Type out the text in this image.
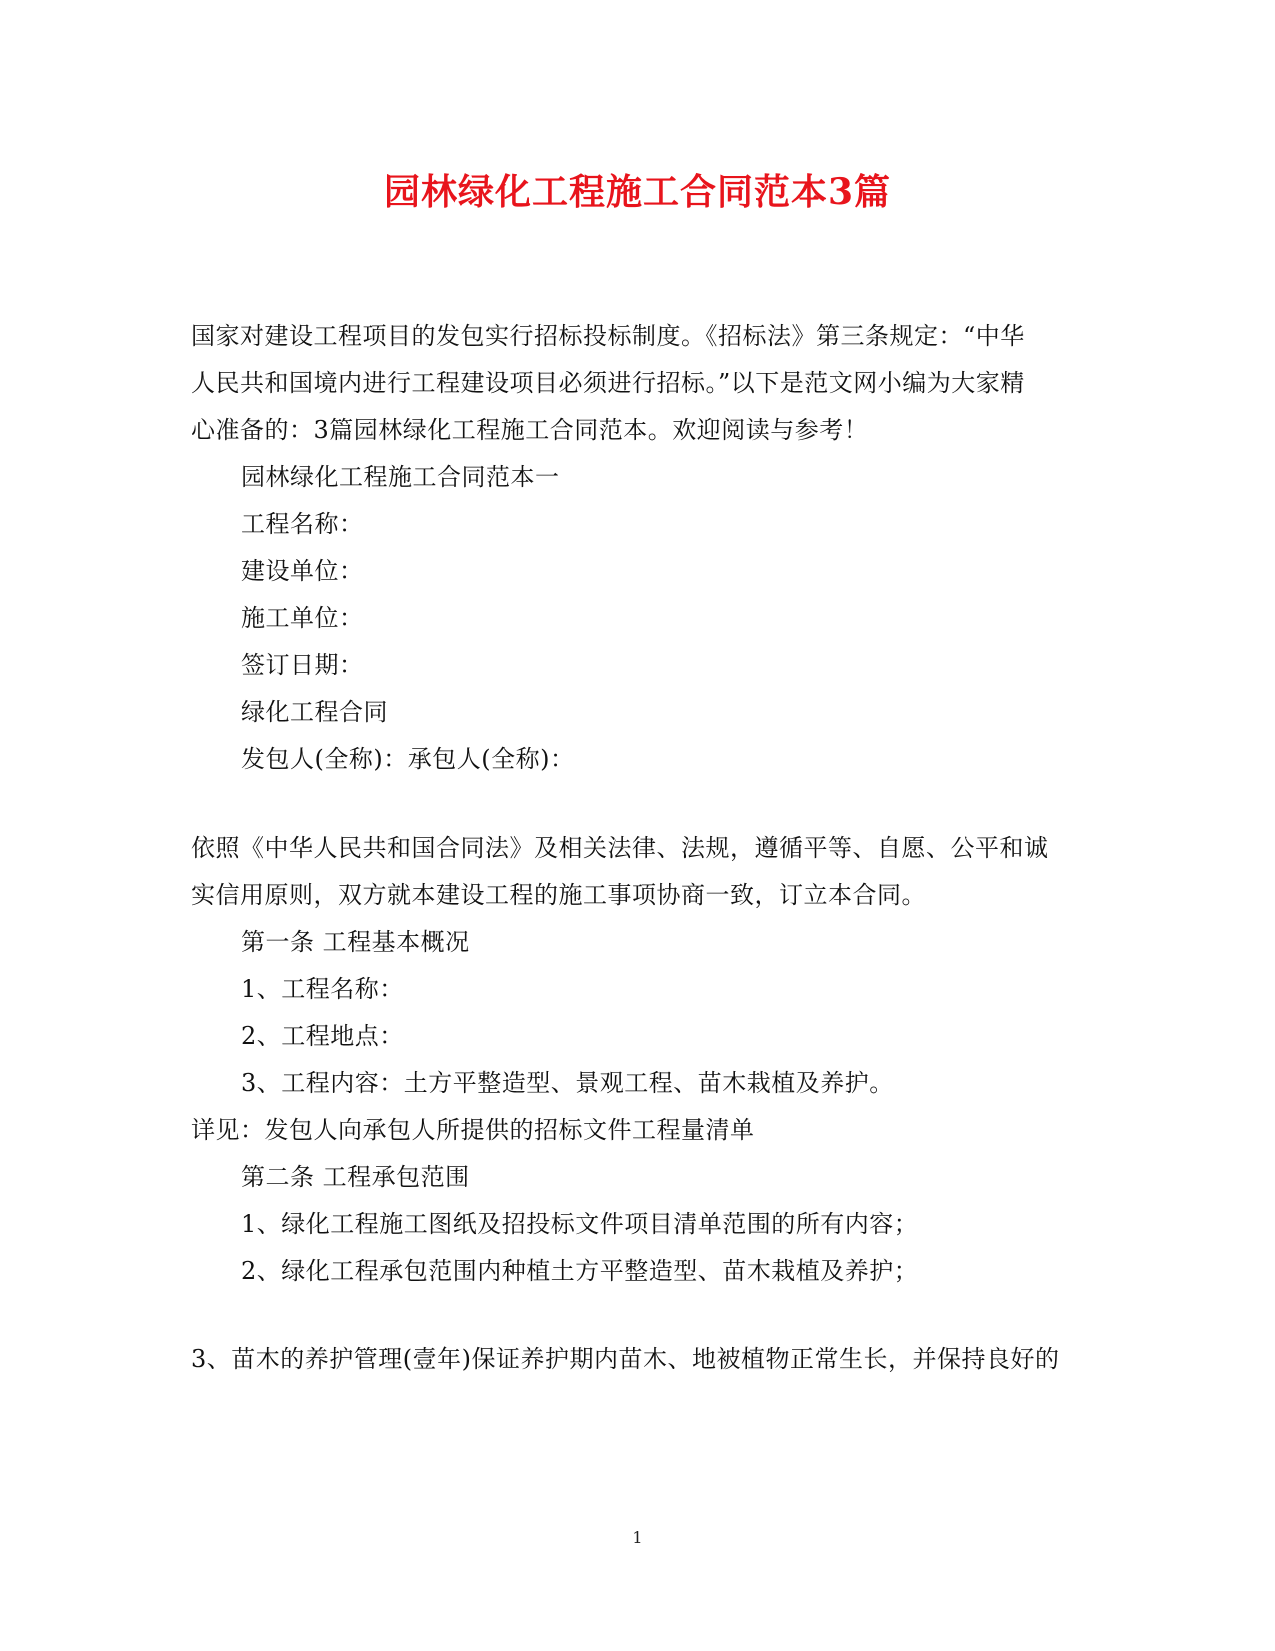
园林绿化工程施工合同范本3篇
国家对建设工程项目的发包实行招标投标制度。《招标法》第三条规定：“中华
人民共和国境内进行工程建设项目必须进行招标。”以下是范文网小编为大家精
心准备的：3篇园林绿化工程施工合同范本。欢迎阅读与参考！
园林绿化工程施工合同范本一
工程名称：
建设单位：
施工单位：
签订日期：
绿化工程合同
发包人(全称)：承包人(全称)：
依照《中华人民共和国合同法》及相关法律、法规，遵循平等、自愿、公平和诚
实信用原则，双方就本建设工程的施工事项协商一致，订立本合同。
第一条 工程基本概况
1、工程名称：
2、工程地点：
3、工程内容：土方平整造型、景观工程、苗木栽植及养护。
详见：发包人向承包人所提供的招标文件工程量清单
第二条 工程承包范围
1、绿化工程施工图纸及招投标文件项目清单范围的所有内容；
2、绿化工程承包范围内种植土方平整造型、苗木栽植及养护；
3、苗木的养护管理(壹年)保证养护期内苗木、地被植物正常生长，并保持良好的
1
